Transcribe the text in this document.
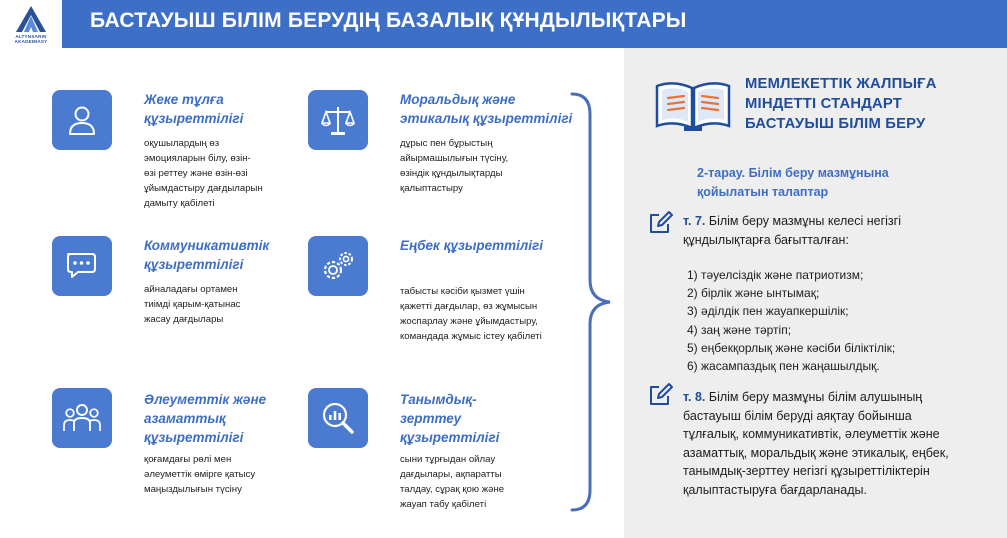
ALTYNSARIN
AKADEMIASY
БАСТАУЫШ БІЛІМ БЕРУДІҢ БАЗАЛЫҚ ҚҰНДЫЛЫҚТАРЫ
Жеке тұлға
құзыреттілігі
оқушылардың өз
эмоцияларын білу, өзін-
өзі реттеу және өзін-өзі
ұйымдастыру дағдыларын
дамыту қабілеті
Моральдық және
этикалық құзыреттілігі
дұрыс пен бұрыстың
айырмашылығын түсіну,
өзіндік құндылықтарды
қалыптастыру
Коммуникативтік
құзыреттілігі
айналадағы ортамен
тиімді қарым-қатынас
жасау дағдылары
Еңбек құзыреттілігі
табысты кәсіби қызмет үшін
қажетті дағдылар, өз жұмысын
жоспарлау және ұйымдастыру,
командада жұмыс істеу қабілеті
Әлеуметтік және
азаматтық
құзыреттілігі
қоғамдағы рөлі мен
әлеуметтік өмірге қатысу
маңыздылығын түсіну
Танымдық-
зерттеу
құзыреттілігі
сыни тұрғыдан ойлау
дағдылары, ақпаратты
талдау, сұрақ қою және
жауап табу қабілеті
МЕМЛЕКЕТТІК ЖАЛПЫҒА
МІНДЕТТІ СТАНДАРТ
БАСТАУЫШ БІЛІМ БЕРУ
2-тарау. Білім беру мазмұнына
қойылатын талаптар
т. 7. Білім беру мазмұны келесі негізгі
құндылықтарға бағытталған:
1) тәуелсіздік және патриотизм;
2) бірлік және ынтымақ;
3) әділдік пен жауапкершілік;
4) заң және тәртіп;
5) еңбекқорлық және кәсіби біліктілік;
6) жасампаздық пен жаңашылдық.
т. 8. Білім беру мазмұны білім алушының
бастауыш білім беруді аяқтау бойынша
тұлғалық, коммуникативтік, әлеуметтік және
азаматтық, моральдық және этикалық, еңбек,
танымдық-зерттеу негізгі құзыреттіліктерін
қалыптастыруға бағдарланады.
